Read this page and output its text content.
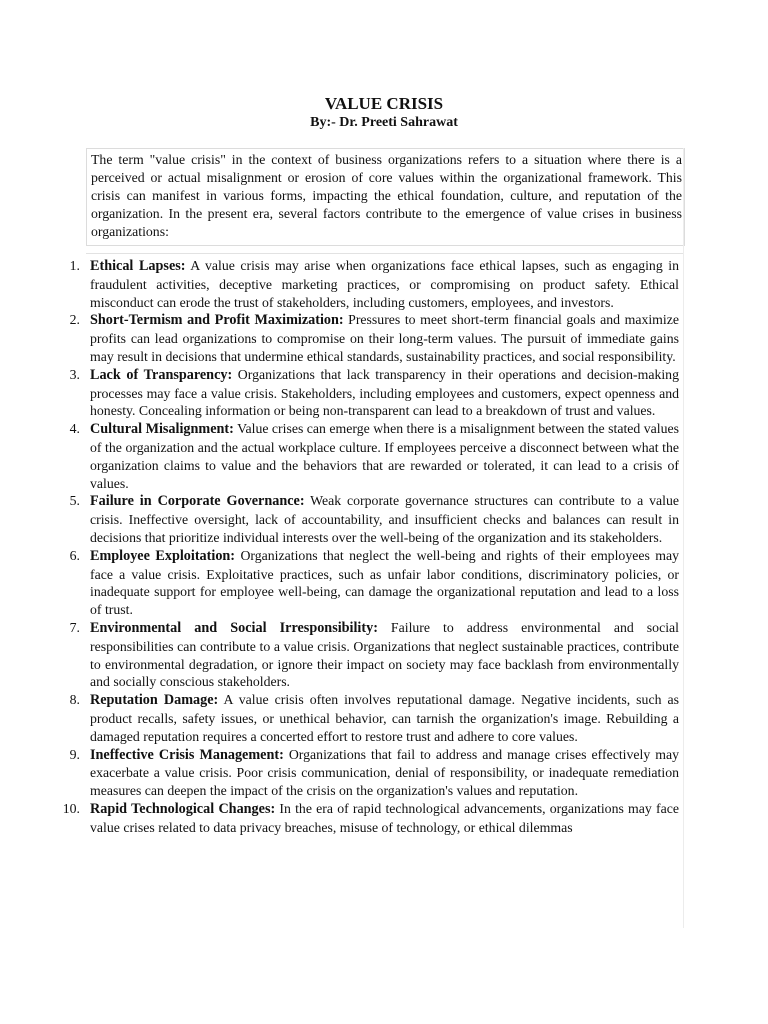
VALUE CRISIS
By:- Dr. Preeti Sahrawat
The term "value crisis" in the context of business organizations refers to a situation where there is a perceived or actual misalignment or erosion of core values within the organizational framework. This crisis can manifest in various forms, impacting the ethical foundation, culture, and reputation of the organization. In the present era, several factors contribute to the emergence of value crises in business organizations:
1. Ethical Lapses: A value crisis may arise when organizations face ethical lapses, such as engaging in fraudulent activities, deceptive marketing practices, or compromising on product safety. Ethical misconduct can erode the trust of stakeholders, including customers, employees, and investors.
2. Short-Termism and Profit Maximization: Pressures to meet short-term financial goals and maximize profits can lead organizations to compromise on their long-term values. The pursuit of immediate gains may result in decisions that undermine ethical standards, sustainability practices, and social responsibility.
3. Lack of Transparency: Organizations that lack transparency in their operations and decision-making processes may face a value crisis. Stakeholders, including employees and customers, expect openness and honesty. Concealing information or being non-transparent can lead to a breakdown of trust and values.
4. Cultural Misalignment: Value crises can emerge when there is a misalignment between the stated values of the organization and the actual workplace culture. If employees perceive a disconnect between what the organization claims to value and the behaviors that are rewarded or tolerated, it can lead to a crisis of values.
5. Failure in Corporate Governance: Weak corporate governance structures can contribute to a value crisis. Ineffective oversight, lack of accountability, and insufficient checks and balances can result in decisions that prioritize individual interests over the well-being of the organization and its stakeholders.
6. Employee Exploitation: Organizations that neglect the well-being and rights of their employees may face a value crisis. Exploitative practices, such as unfair labor conditions, discriminatory policies, or inadequate support for employee well-being, can damage the organizational reputation and lead to a loss of trust.
7. Environmental and Social Irresponsibility: Failure to address environmental and social responsibilities can contribute to a value crisis. Organizations that neglect sustainable practices, contribute to environmental degradation, or ignore their impact on society may face backlash from environmentally and socially conscious stakeholders.
8. Reputation Damage: A value crisis often involves reputational damage. Negative incidents, such as product recalls, safety issues, or unethical behavior, can tarnish the organization's image. Rebuilding a damaged reputation requires a concerted effort to restore trust and adhere to core values.
9. Ineffective Crisis Management: Organizations that fail to address and manage crises effectively may exacerbate a value crisis. Poor crisis communication, denial of responsibility, or inadequate remediation measures can deepen the impact of the crisis on the organization's values and reputation.
10. Rapid Technological Changes: In the era of rapid technological advancements, organizations may face value crises related to data privacy breaches, misuse of technology, or ethical dilemmas
